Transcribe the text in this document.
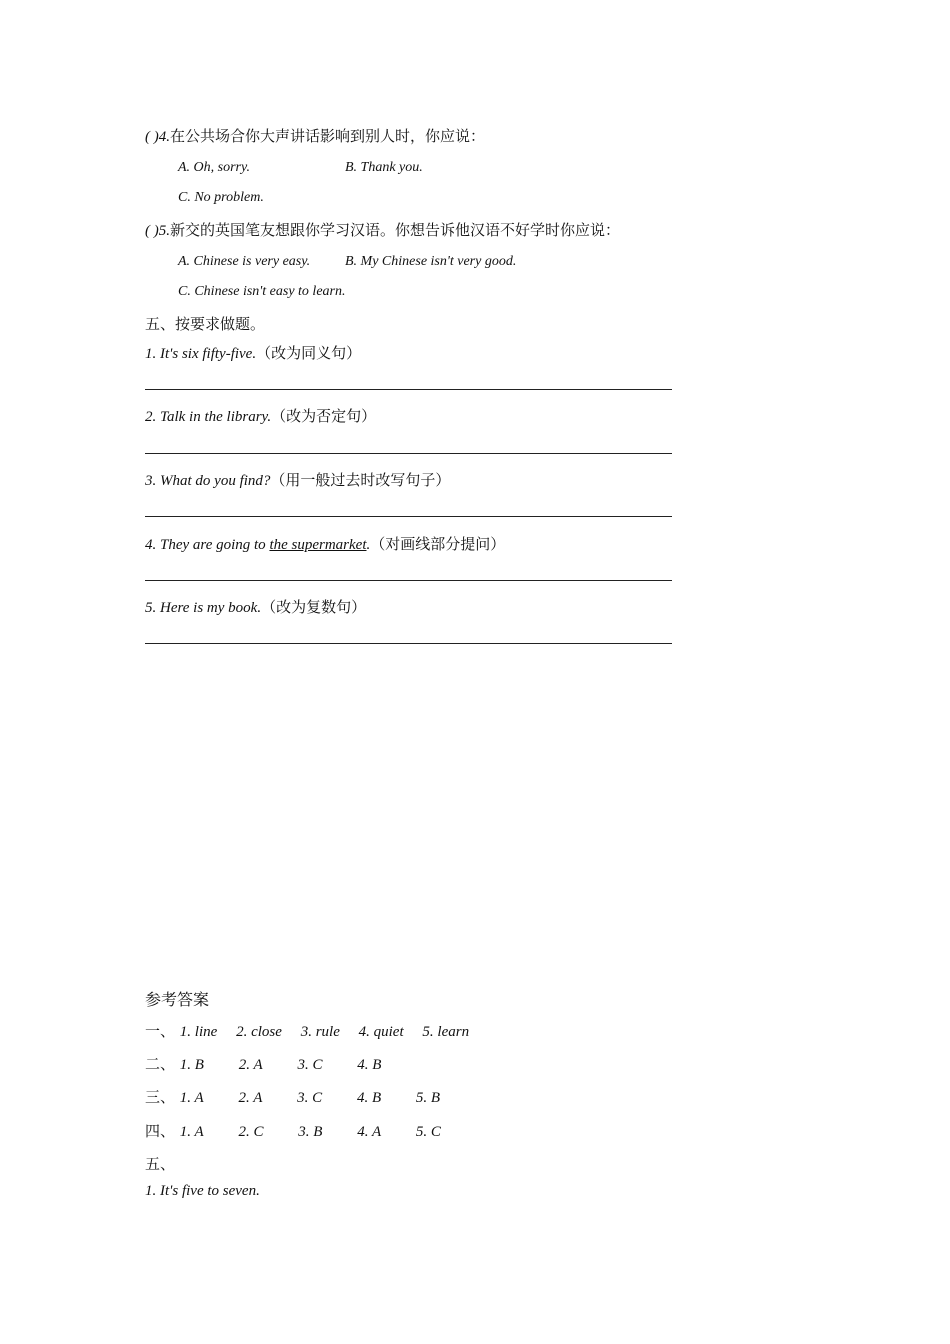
( )4.在公共场合你大声讲话影响到别人时，你应说：
A. Oh, sorry.	B. Thank you.
C. No problem.
( )5.新交的英国笔友想跟你学习汉语。你想告诉他汉语不好学时你应说：
A. Chinese is very easy. B. My Chinese isn't very good.
C. Chinese isn't easy to learn.
五、按要求做题。
1. It's six fifty-five.（改为同义句）
2. Talk in the library.（改为否定句）
3. What do you find?（用一般过去时改写句子）
4. They are going to the supermarket.（对画线部分提问）
5. Here is my book.（改为复数句）
参考答案
一、 1. line 2. close 3. rule 4. quiet 5. learn
二、 1. B 2. A 3. C 4. B
三、 1. A 2. A 3. C 4. B 5. B
四、 1. A 2. C 3. B 4. A 5. C
五、
1. It's five to seven.
